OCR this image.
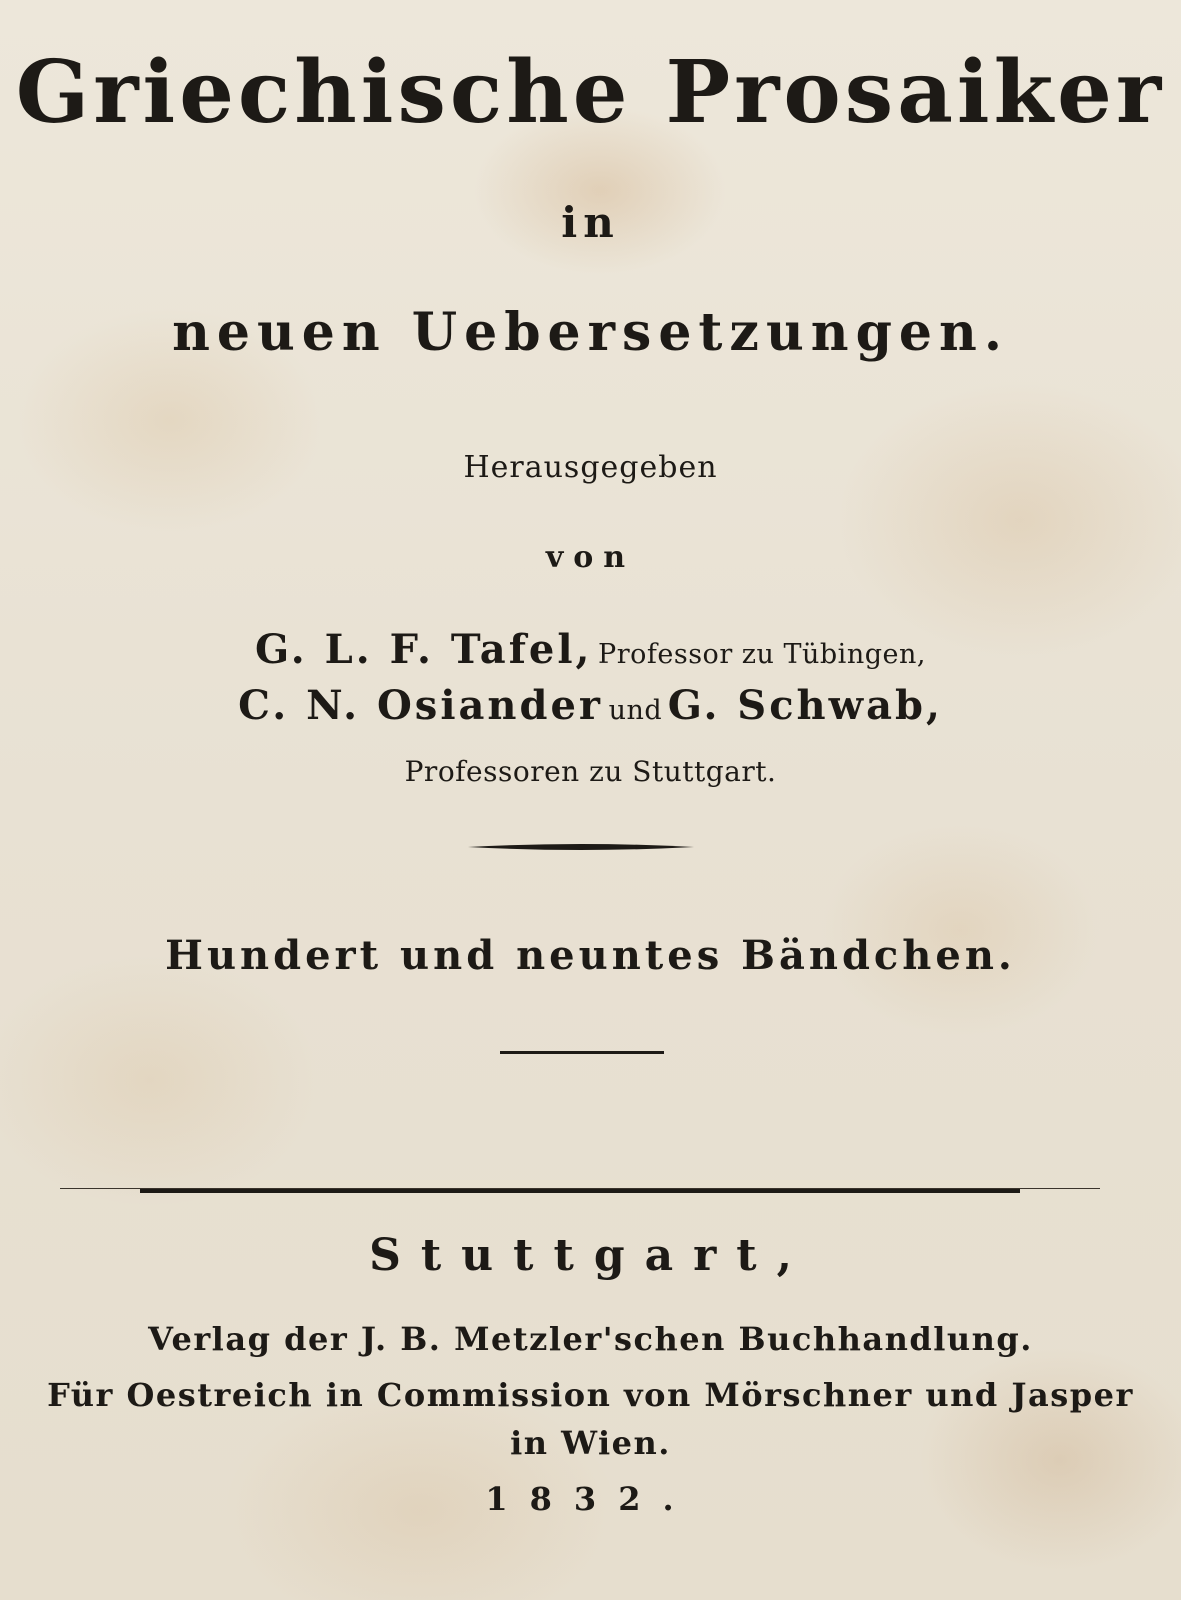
Griechische Prosaiker
in
neuen Uebersetzungen.
Herausgegeben
von
G. L. F. Tafel, Professor zu Tübingen,
C. N. Osiander und G. Schwab,
Professoren zu Stuttgart.
Hundert und neuntes Bändchen.
Stuttgart,
Verlag der J. B. Metzler'schen Buchhandlung.
Für Oestreich in Commission von Mörschner und Jasper
in Wien.
1832.
